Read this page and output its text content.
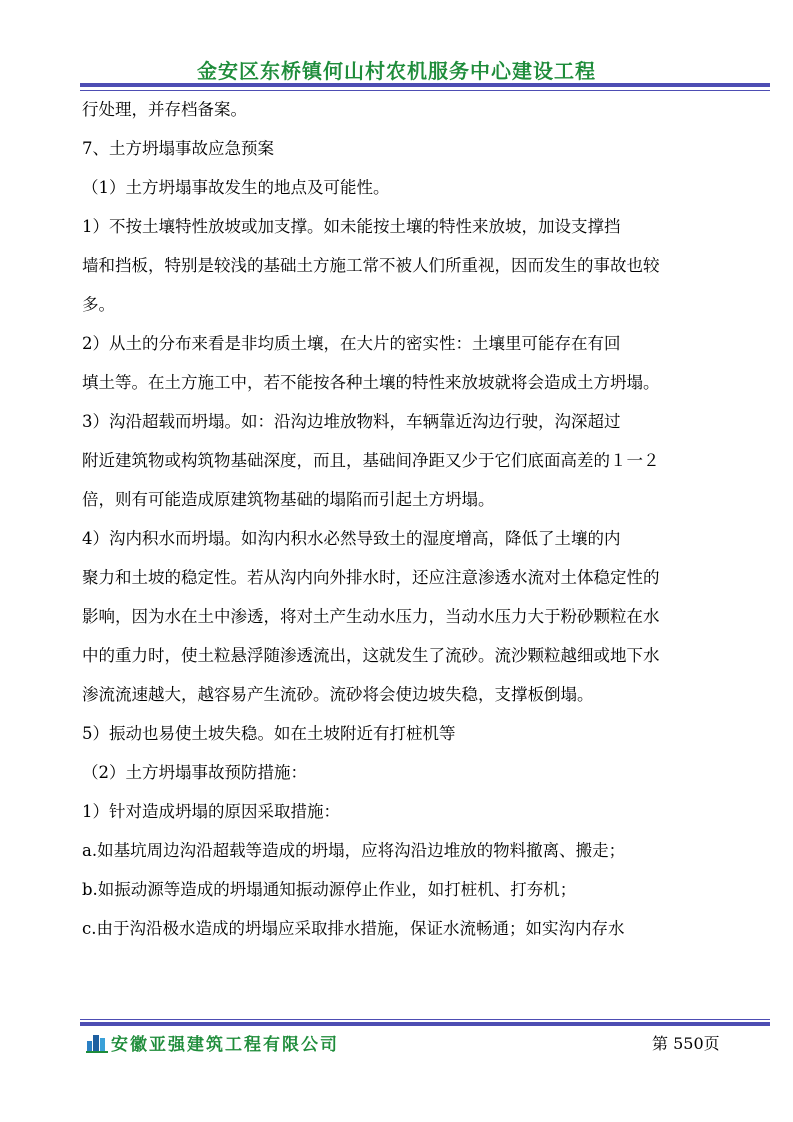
金安区东桥镇何山村农机服务中心建设工程
行处理，并存档备案。
7、土方坍塌事故应急预案
（1）土方坍塌事故发生的地点及可能性。
1）不按土壤特性放坡或加支撑。如未能按土壤的特性来放坡，加设支撑挡
墙和挡板，特别是较浅的基础土方施工常不被人们所重视，因而发生的事故也较
多。
2）从土的分布来看是非均质土壤，在大片的密实性：土壤里可能存在有回
填土等。在土方施工中，若不能按各种土壤的特性来放坡就将会造成土方坍塌。
3）沟沿超载而坍塌。如：沿沟边堆放物料，车辆靠近沟边行驶，沟深超过
附近建筑物或构筑物基础深度，而且，基础间净距又少于它们底面高差的１一２
倍，则有可能造成原建筑物基础的塌陷而引起土方坍塌。
4）沟内积水而坍塌。如沟内积水必然导致土的湿度增高，降低了土壤的内
聚力和土坡的稳定性。若从沟内向外排水时，还应注意渗透水流对土体稳定性的
影响，因为水在土中渗透，将对土产生动水压力，当动水压力大于粉砂颗粒在水
中的重力时，使土粒悬浮随渗透流出，这就发生了流砂。流沙颗粒越细或地下水
渗流流速越大，越容易产生流砂。流砂将会使边坡失稳，支撑板倒塌。
5）振动也易使土坡失稳。如在土坡附近有打桩机等
（2）土方坍塌事故预防措施：
1）针对造成坍塌的原因采取措施：
a.如基坑周边沟沿超载等造成的坍塌，应将沟沿边堆放的物料撤离、搬走；
b.如振动源等造成的坍塌通知振动源停止作业，如打桩机、打夯机；
c.由于沟沿极水造成的坍塌应采取排水措施，保证水流畅通；如实沟内存水
安徽亚强建筑工程有限公司	第 550页
